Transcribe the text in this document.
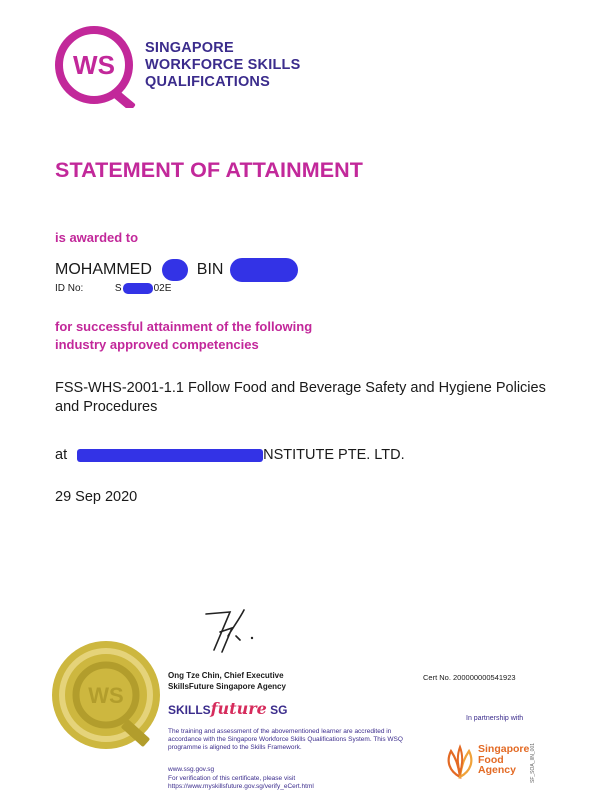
WS
SINGAPORE
WORKFORCE SKILLS
QUALIFICATIONS
STATEMENT OF ATTAINMENT
is awarded to
MOHAMMED	BIN
ID No:	S	02E
for successful attainment of the following
industry approved competencies
FSS-WHS-2001-1.1 Follow Food and Beverage Safety and Hygiene Policies and Procedures
at	NSTITUTE PTE. LTD.
29 Sep 2020
WS
Ong Tze Chin, Chief Executive
SkillsFuture Singapore Agency
Cert No. 200000000541923
SKILLSfuture SG
The training and assessment of the abovementioned learner are accredited in accordance with the Singapore Workforce Skills Qualifications System. This WSQ programme is aligned to the Skills Framework.
www.ssg.gov.sg
For verification of this certificate, please visit
https://www.myskillsfuture.gov.sg/verify_eCert.html
In partnership with
Singapore
Food
Agency	SF_SOA_IIN_001
